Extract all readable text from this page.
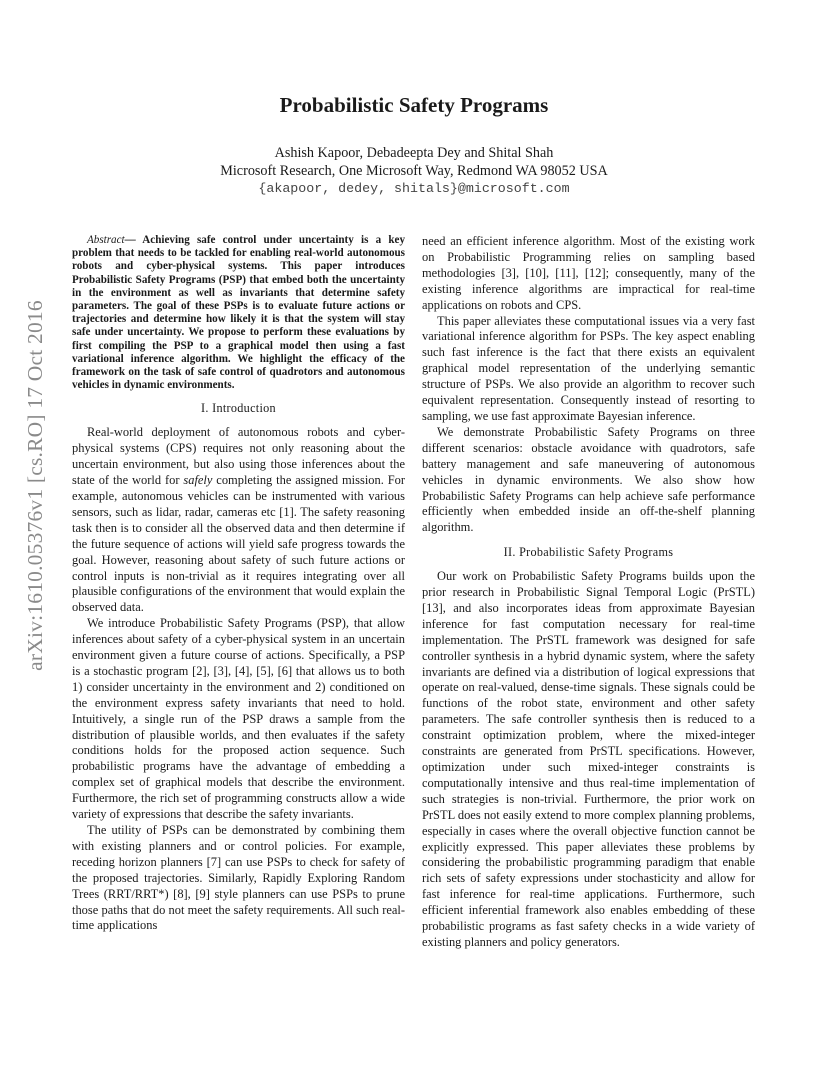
arXiv:1610.05376v1 [cs.RO] 17 Oct 2016
Probabilistic Safety Programs
Ashish Kapoor, Debadeepta Dey and Shital Shah
Microsoft Research, One Microsoft Way, Redmond WA 98052 USA
{akapoor, dedey, shitals}@microsoft.com
Abstract— Achieving safe control under uncertainty is a key problem that needs to be tackled for enabling real-world autonomous robots and cyber-physical systems. This paper introduces Probabilistic Safety Programs (PSP) that embed both the uncertainty in the environment as well as invariants that determine safety parameters. The goal of these PSPs is to evaluate future actions or trajectories and determine how likely it is that the system will stay safe under uncertainty. We propose to perform these evaluations by first compiling the PSP to a graphical model then using a fast variational inference algorithm. We highlight the efficacy of the framework on the task of safe control of quadrotors and autonomous vehicles in dynamic environments.
I. Introduction

Real-world deployment of autonomous robots and cyber-physical systems (CPS) requires not only reasoning about the uncertain environment, but also using those inferences about the state of the world for safely completing the assigned mission. For example, autonomous vehicles can be instrumented with various sensors, such as lidar, radar, cameras etc [1]. The safety reasoning task then is to consider all the observed data and then determine if the future sequence of actions will yield safe progress towards the goal. However, reasoning about safety of such future actions or control inputs is non-trivial as it requires integrating over all plausible configurations of the environment that would explain the observed data.

We introduce Probabilistic Safety Programs (PSP), that allow inferences about safety of a cyber-physical system in an uncertain environment given a future course of actions. Specifically, a PSP is a stochastic program [2], [3], [4], [5], [6] that allows us to both 1) consider uncertainty in the environment and 2) conditioned on the environment express safety invariants that need to hold. Intuitively, a single run of the PSP draws a sample from the distribution of plausible worlds, and then evaluates if the safety conditions holds for the proposed action sequence. Such probabilistic programs have the advantage of embedding a complex set of graphical models that describe the environment. Furthermore, the rich set of programming constructs allow a wide variety of expressions that describe the safety invariants.

The utility of PSPs can be demonstrated by combining them with existing planners and or control policies. For example, receding horizon planners [7] can use PSPs to check for safety of the proposed trajectories. Similarly, Rapidly Exploring Random Trees (RRT/RRT*) [8], [9] style planners can use PSPs to prune those paths that do not meet the safety requirements. All such real-time applications

need an efficient inference algorithm. Most of the existing work on Probabilistic Programming relies on sampling based methodologies [3], [10], [11], [12]; consequently, many of the existing inference algorithms are impractical for real-time applications on robots and CPS.

This paper alleviates these computational issues via a very fast variational inference algorithm for PSPs. The key aspect enabling such fast inference is the fact that there exists an equivalent graphical model representation of the underlying semantic structure of PSPs. We also provide an algorithm to recover such equivalent representation. Consequently instead of resorting to sampling, we use fast approximate Bayesian inference.

We demonstrate Probabilistic Safety Programs on three different scenarios: obstacle avoidance with quadrotors, safe battery management and safe maneuvering of autonomous vehicles in dynamic environments. We also show how Probabilistic Safety Programs can help achieve safe performance efficiently when embedded inside an off-the-shelf planning algorithm.

II. Probabilistic Safety Programs

Our work on Probabilistic Safety Programs builds upon the prior research in Probabilistic Signal Temporal Logic (PrSTL) [13], and also incorporates ideas from approximate Bayesian inference for fast computation necessary for real-time implementation. The PrSTL framework was designed for safe controller synthesis in a hybrid dynamic system, where the safety invariants are defined via a distribution of logical expressions that operate on real-valued, dense-time signals. These signals could be functions of the robot state, environment and other safety parameters. The safe controller synthesis then is reduced to a constraint optimization problem, where the mixed-integer constraints are generated from PrSTL specifications. However, optimization under such mixed-integer constraints is computationally intensive and thus real-time implementation of such strategies is non-trivial. Furthermore, the prior work on PrSTL does not easily extend to more complex planning problems, especially in cases where the overall objective function cannot be explicitly expressed. This paper alleviates these problems by considering the probabilistic programming paradigm that enable rich sets of safety expressions under stochasticity and allow for fast inference for real-time applications. Furthermore, such efficient inferential framework also enables embedding of these probabilistic programs as fast safety checks in a wide variety of existing planners and policy generators.
